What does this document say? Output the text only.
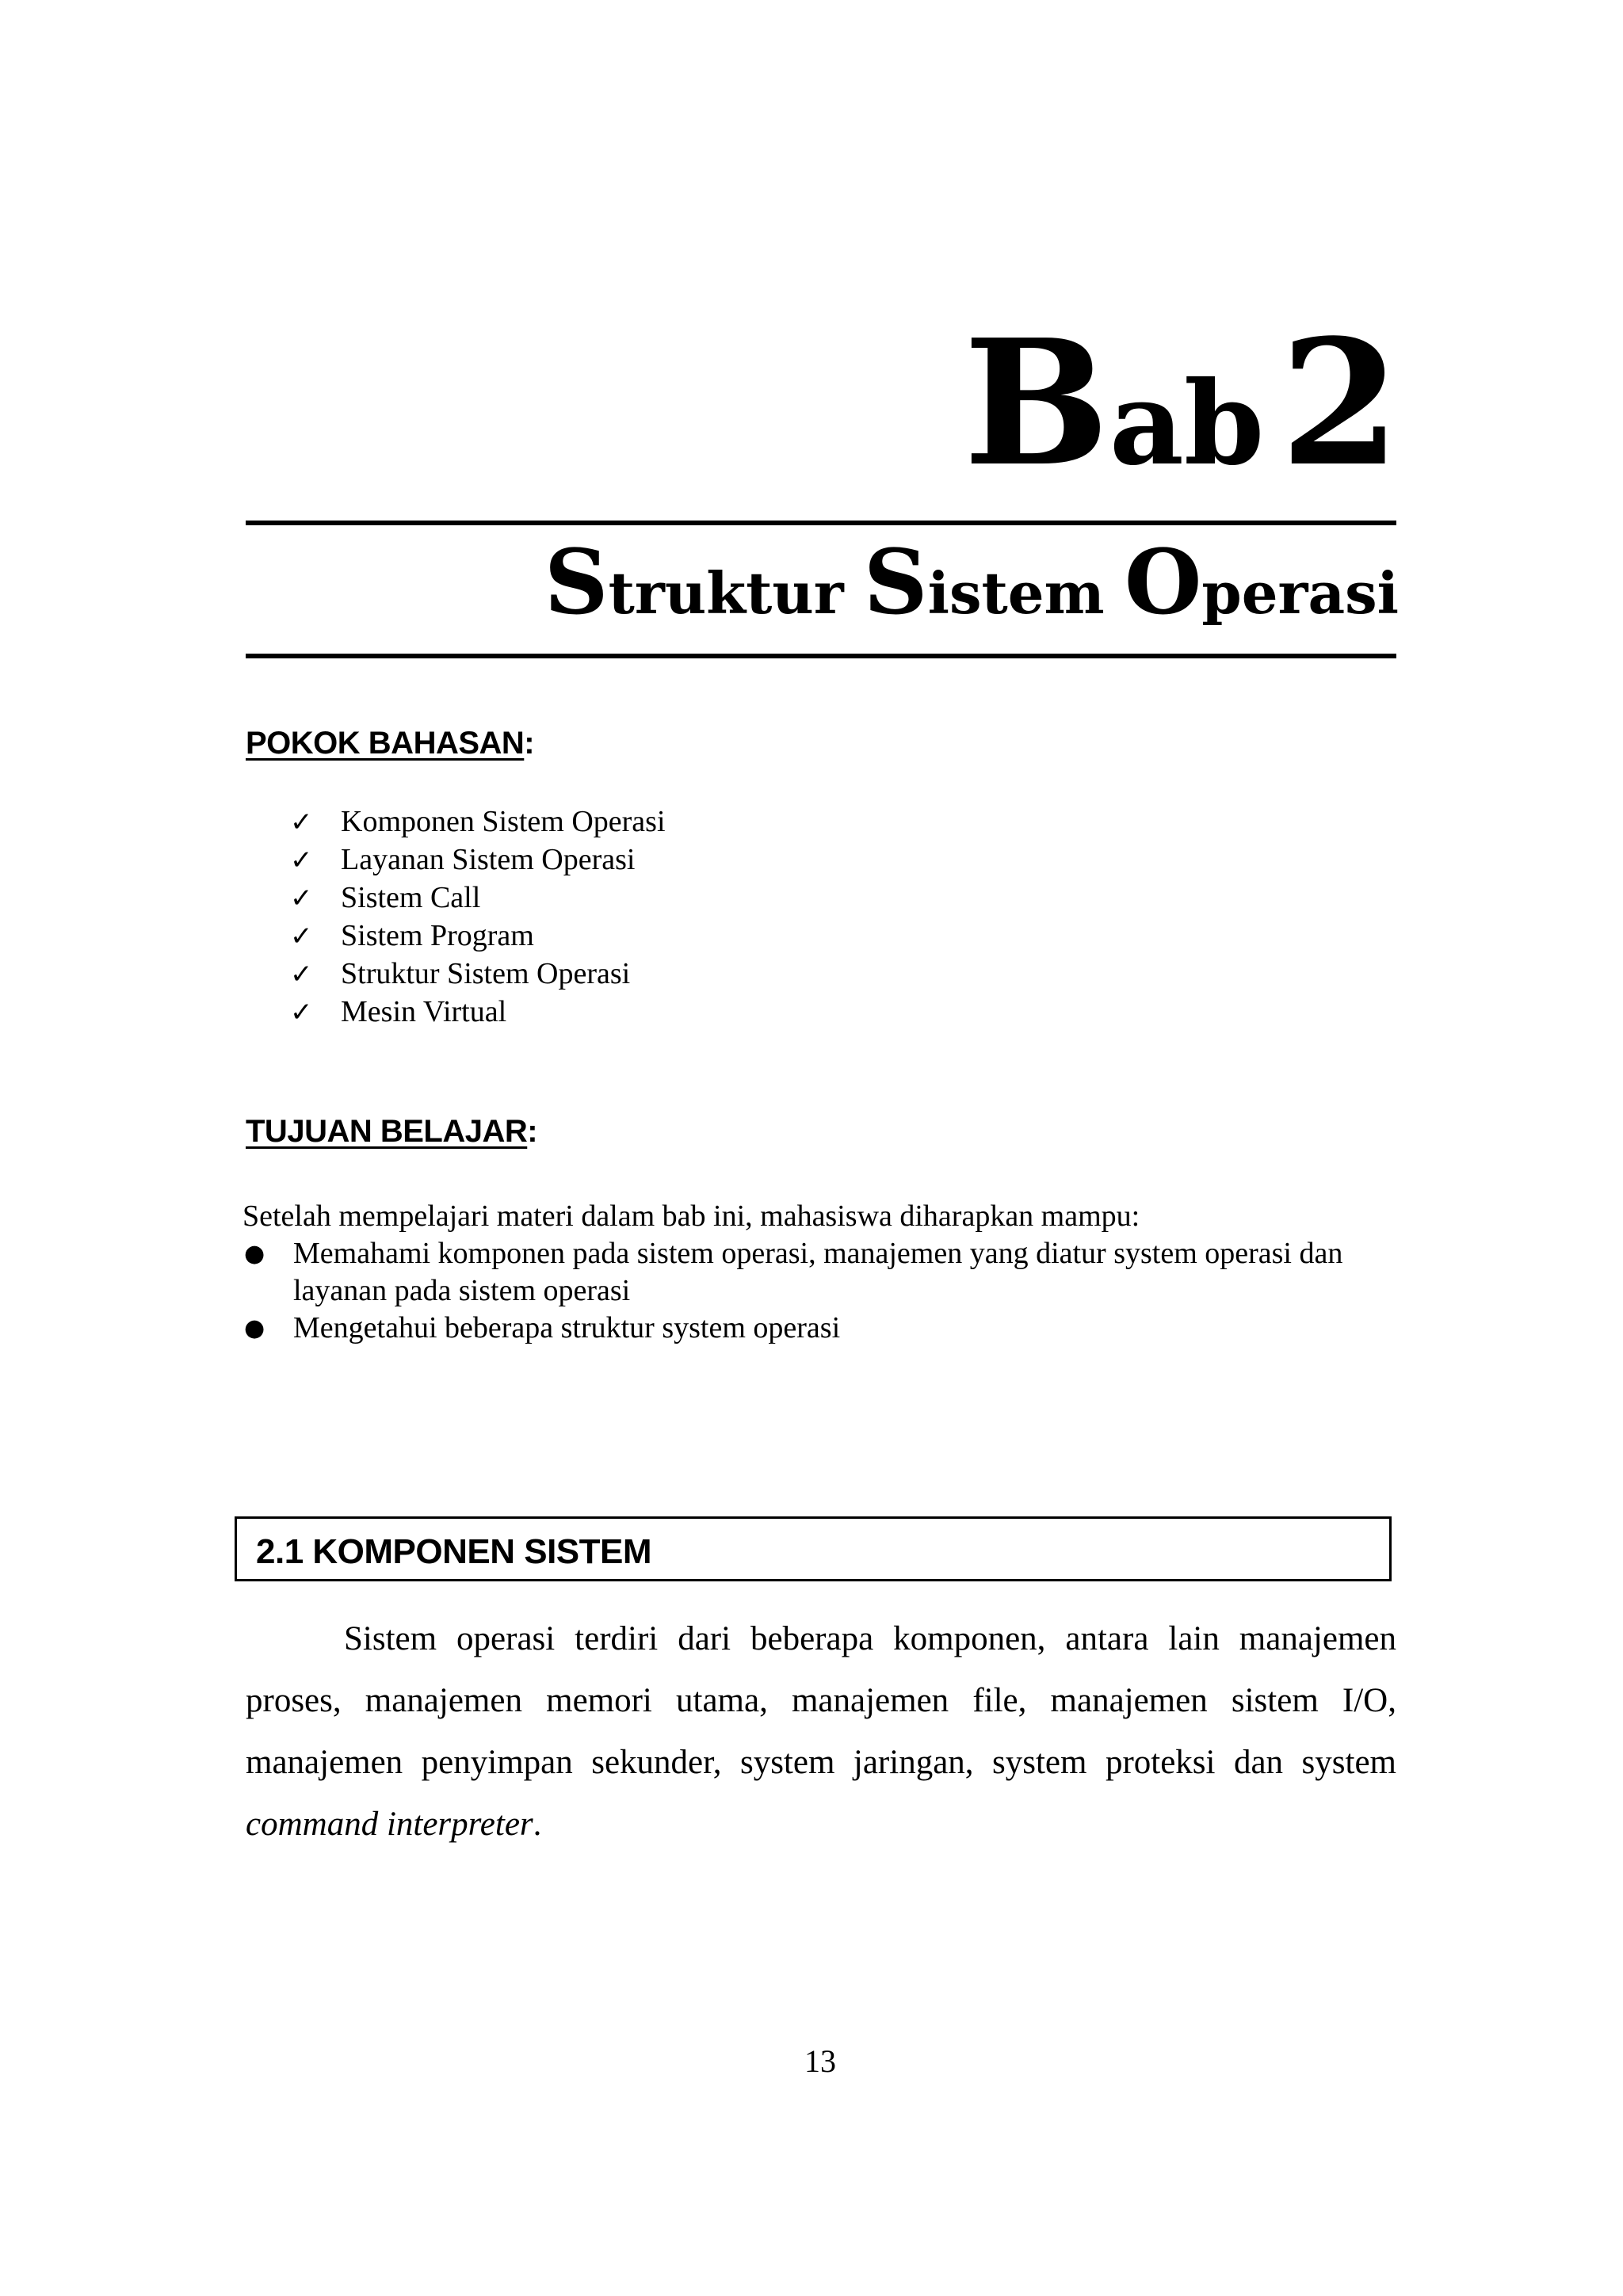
Bab2
Struktur Sistem Operasi
POKOK BAHASAN:
✓ Komponen Sistem Operasi
✓ Layanan Sistem Operasi
✓ Sistem Call
✓ Sistem Program
✓ Struktur Sistem Operasi
✓ Mesin Virtual
TUJUAN BELAJAR:

Setelah mempelajari materi dalam bab ini, mahasiswa diharapkan mampu:

● Memahami komponen pada sistem operasi, manajemen yang diatur system operasi dan layanan pada sistem operasi
● Mengetahui beberapa struktur system operasi
2.1 KOMPONEN SISTEM

Sistem operasi terdiri dari beberapa komponen, antara lain manajemen proses, manajemen memori utama, manajemen file, manajemen sistem I/O, manajemen penyimpan sekunder, system jaringan, system proteksi dan system command interpreter.

13
